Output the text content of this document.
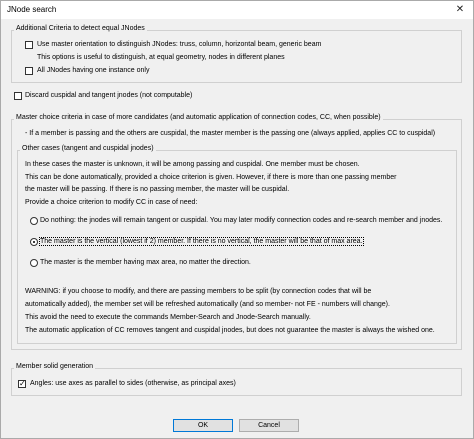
JNode search	✕
Additional Criteria to detect equal JNodes
Use master orientation to distinguish JNodes: truss, column, horizontal beam, generic beam
This options is useful to distinguish, at equal geometry, nodes in different planes
All JNodes having one instance only
Discard cuspidal and tangent jnodes (not computable)
Master choice criteria in case of more candidates (and automatic application of connection codes, CC, when possible)
- If a member is passing and the others are cuspidal, the master member is the passing one (always applied, applies CC to cuspidal)
Other cases (tangent and cuspidal jnodes)
In these cases the master is unknown, it will be among passing and cuspidal. One member must be chosen.
This can be done automatically, provided a choice criterion is given. However, if there is more than one passing member
the master will be passing. If there is no passing member, the master will be cuspidal.
Provide a choice criterion to modify CC in case of need:
Do nothing: the jnodes will remain tangent or cuspidal. You may later modify connection codes and re-search member and jnodes.
The master is the vertical (lowest if 2) member. If there is no vertical, the master will be that of max area.
The master is the member having max area, no matter the direction.
WARNING: if you choose to modify, and there are passing members to be split (by connection codes that will be
automatically added), the member set will be refreshed automatically (and so member- not FE - numbers will change).
This avoid the need to execute the commands Member-Search and Jnode-Search manually.
The automatic application of CC removes tangent and cuspidal jnodes, but does not guarantee the master is always the wished one.
Member solid generation
✓
Angles: use axes as parallel to sides (otherwise, as principal axes)
OK	Cancel
